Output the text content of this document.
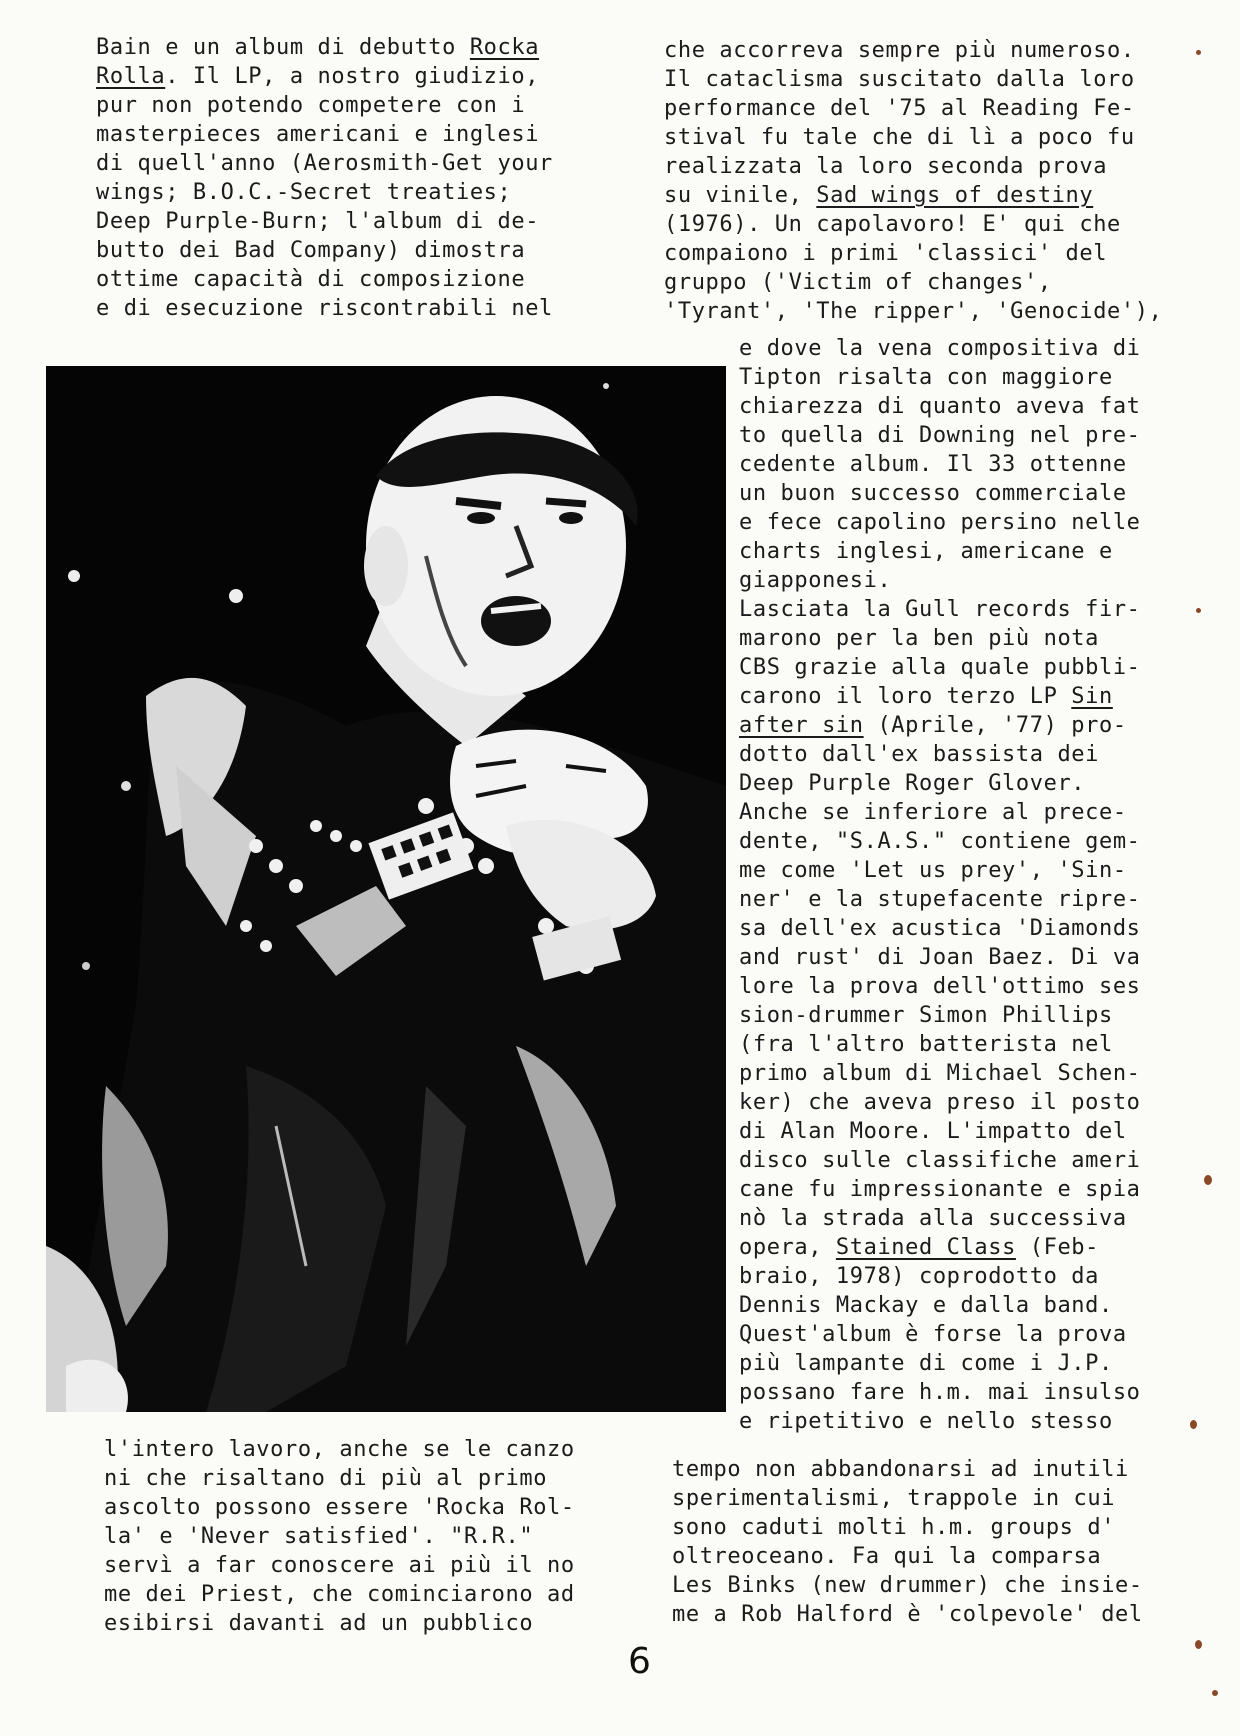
Bain e un album di debutto Rocka
Rolla. Il LP, a nostro giudizio,
pur non potendo competere con i
masterpieces americani e inglesi
di quell'anno (Aerosmith-Get your
wings; B.O.C.-Secret treaties;
Deep Purple-Burn; l'album di de-
butto dei Bad Company) dimostra
ottime capacità di composizione
e di esecuzione riscontrabili nel
che accorreva sempre più numeroso.
Il cataclisma suscitato dalla loro
performance del '75 al Reading Fe-
stival fu tale che di lì a poco fu
realizzata la loro seconda prova
su vinile, Sad wings of destiny
(1976). Un capolavoro! E' qui che
compaiono i primi 'classici' del
gruppo ('Victim of changes',
'Tyrant', 'The ripper', 'Genocide'),
e dove la vena compositiva di
Tipton risalta con maggiore
chiarezza di quanto aveva fat
to quella di Downing nel pre-
cedente album. Il 33 ottenne
un buon successo commerciale
e fece capolino persino nelle
charts inglesi, americane e
giapponesi.
Lasciata la Gull records fir-
marono per la ben più nota
CBS grazie alla quale pubbli-
carono il loro terzo LP Sin
after sin (Aprile, '77) pro-
dotto dall'ex bassista dei
Deep Purple Roger Glover.
Anche se inferiore al prece-
dente, "S.A.S." contiene gem-
me come 'Let us prey', 'Sin-
ner' e la stupefacente ripre-
sa dell'ex acustica 'Diamonds
and rust' di Joan Baez. Di va
lore la prova dell'ottimo ses
sion-drummer Simon Phillips
(fra l'altro batterista nel
primo album di Michael Schen-
ker) che aveva preso il posto
di Alan Moore. L'impatto del
disco sulle classifiche ameri
cane fu impressionante e spia
nò la strada alla successiva
opera, Stained Class (Feb-
braio, 1978) coprodotto da
Dennis Mackay e dalla band.
Quest'album è forse la prova
più lampante di come i J.P.
possano fare h.m. mai insulso
e ripetitivo e nello stesso
tempo non abbandonarsi ad inutili
sperimentalismi, trappole in cui
sono caduti molti h.m. groups d'
oltreoceano. Fa qui la comparsa
Les Binks (new drummer) che insie-
me a Rob Halford è 'colpevole' del
l'intero lavoro, anche se le canzo
ni che risaltano di più al primo
ascolto possono essere 'Rocka Rol-
la' e 'Never satisfied'. "R.R."
servì a far conoscere ai più il no
me dei Priest, che cominciarono ad
esibirsi davanti ad un pubblico
6
